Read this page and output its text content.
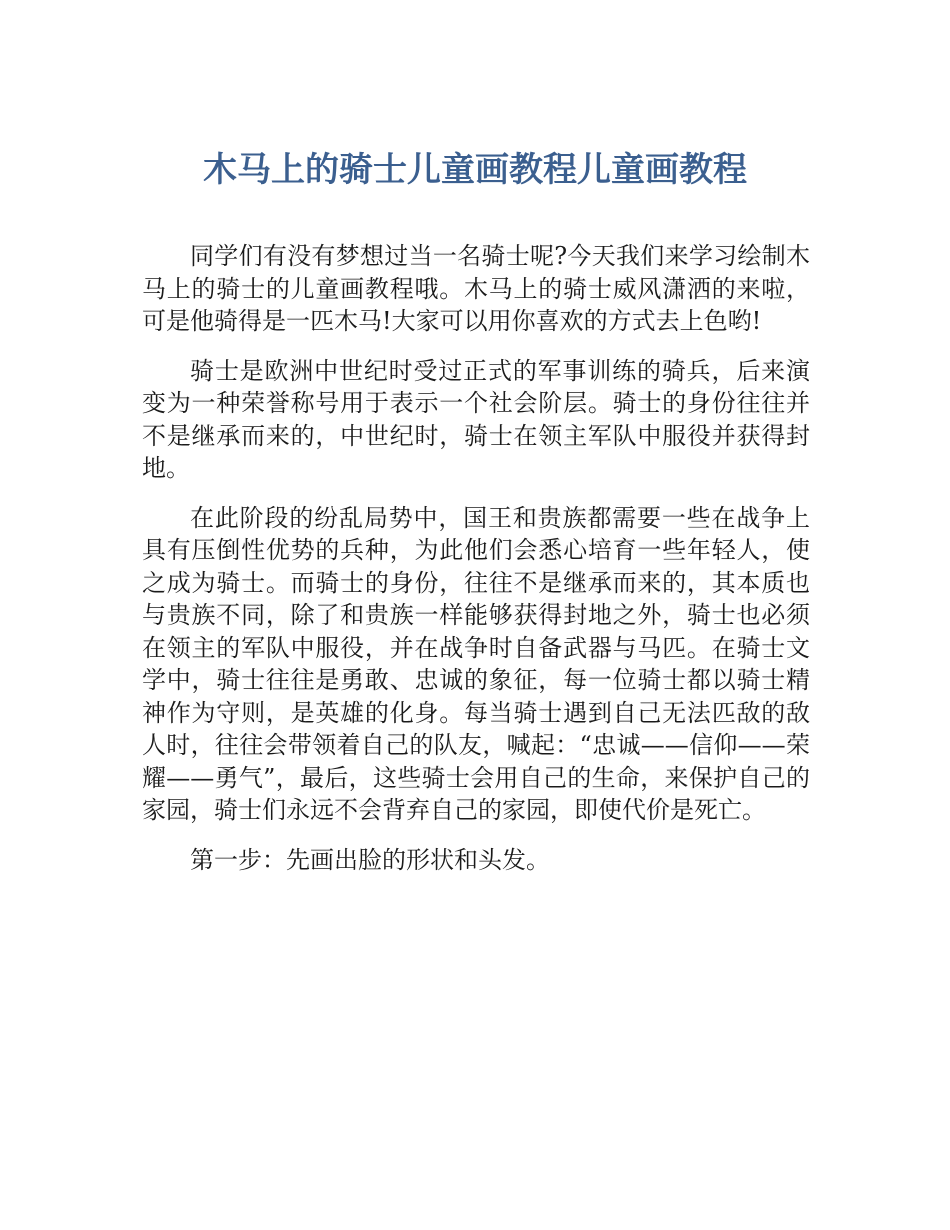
木马上的骑士儿童画教程儿童画教程

同学们有没有梦想过当一名骑士呢?今天我们来学习绘制木马上的骑士的儿童画教程哦。木马上的骑士威风潇洒的来啦，可是他骑得是一匹木马!大家可以用你喜欢的方式去上色哟!

骑士是欧洲中世纪时受过正式的军事训练的骑兵，后来演变为一种荣誉称号用于表示一个社会阶层。骑士的身份往往并不是继承而来的，中世纪时，骑士在领主军队中服役并获得封地。

在此阶段的纷乱局势中，国王和贵族都需要一些在战争上具有压倒性优势的兵种，为此他们会悉心培育一些年轻人，使之成为骑士。而骑士的身份，往往不是继承而来的，其本质也与贵族不同，除了和贵族一样能够获得封地之外，骑士也必须在领主的军队中服役，并在战争时自备武器与马匹。在骑士文学中，骑士往往是勇敢、忠诚的象征，每一位骑士都以骑士精神作为守则，是英雄的化身。每当骑士遇到自己无法匹敌的敌人时，往往会带领着自己的队友，喊起：“忠诚——信仰——荣耀——勇气”，最后，这些骑士会用自己的生命，来保护自己的家园，骑士们永远不会背弃自己的家园，即使代价是死亡。

第一步：先画出脸的形状和头发。
